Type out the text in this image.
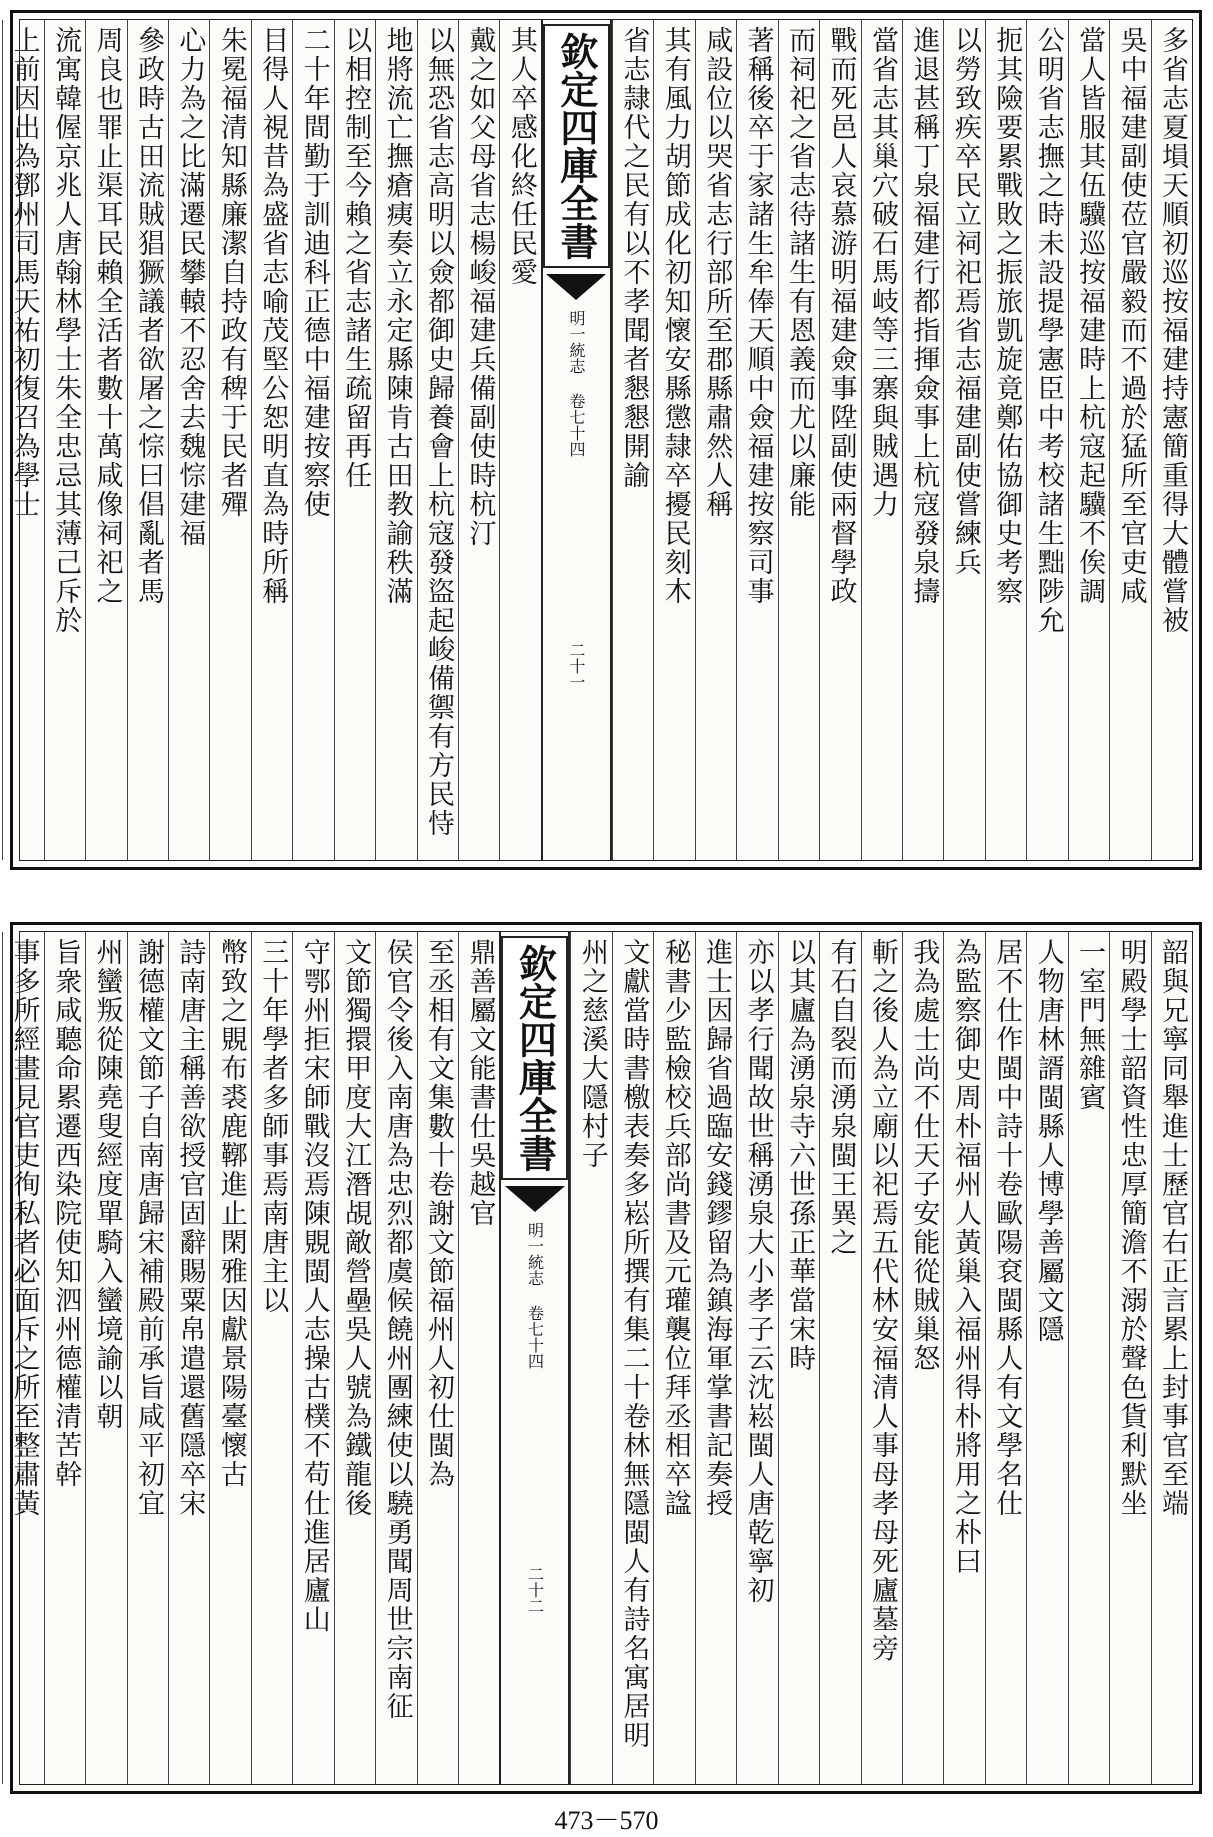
多省志夏塤天順初巡按福建持憲簡重得大體嘗被
吳中福建副使莅官嚴毅而不過於猛所至官吏咸
當人皆服其伍驥巡按福建時上杭寇起驥不俟調
公明省志撫之時未設提學憲臣中考校諸生黜陟允
扼其險要累戰敗之振旅凱旋竟鄭佑協御史考察
以勞致疾卒民立祠祀焉省志福建副使嘗練兵
進退甚稱丁泉福建行都指揮僉事上杭寇發泉擣
當省志其巢穴破石馬岐等三寨與賊遇力
戰而死邑人哀慕游明福建僉事陞副使兩督學政
而祠祀之省志待諸生有恩義而尤以廉能
著稱後卒于家諸生牟俸天順中僉福建按察司事
咸設位以哭省志行部所至郡縣肅然人稱
其有風力胡節成化初知懷安縣懲隷卒擾民刻木
省志隷代之民有以不孝聞者懇懇開諭
欽定四庫全書
明一統志 卷七十四
二十一
其人卒感化終任民愛
戴之如父母省志楊峻福建兵備副使時杭汀
以無恐省志高明以僉都御史歸養會上杭寇發盜起峻備禦有方民恃
地將流亡撫瘡痍奏立永定縣陳肯古田教諭秩滿
以相控制至今賴之省志諸生疏留再任
二十年間勤于訓迪科正德中福建按察使
目得人視昔為盛省志喻茂堅公恕明直為時所稱
朱冕福清知縣廉潔自持政有稗于民者殫
心力為之比滿遷民攀轅不忍舍去魏悰建福
參政時古田流賊猖獗議者欲屠之悰曰倡亂者馬
周良也罪止渠耳民賴全活者數十萬咸像祠祀之
流寓韓偓京兆人唐翰林學士朱全忠忌其薄己斥於
上前因出為鄧州司馬天祐初復召為學士
韶與兄寧同舉進士歷官右正言累上封事官至端
明殿學士韶資性忠厚簡澹不溺於聲色貨利默坐
一室門無雜賓
人物唐林諝閩縣人博學善屬文隱
居不仕作閩中詩十卷歐陽袞閩縣人有文學名仕
為監察御史周朴福州人黃巢入福州得朴將用之朴曰
我為處士尚不仕天子安能從賊巢怒
斬之後人為立廟以祀焉五代林安福清人事母孝母死廬墓旁
有石自裂而湧泉閩王異之
以其廬為湧泉寺六世孫正華當宋時
亦以孝行聞故世稱湧泉大小孝子云沈崧閩人唐乾寧初
進士因歸省過臨安錢鏐留為鎮海軍掌書記奏授
秘書少監檢校兵部尚書及元瓘襲位拜丞相卒諡
文獻當時書檄表奏多崧所撰有集二十卷林無隱閩人有詩名寓居明
州之慈溪大隱村子
欽定四庫全書
明一統志 卷七十四
二十二
鼎善屬文能書仕吳越官
至丞相有文集數十卷謝文節福州人初仕閩為
侯官令後入南唐為忠烈都虞候饒州團練使以驍勇聞周世宗南征
文節獨擐甲度大江潛覘敵營壘吳人號為鐵龍後
守鄂州拒宋師戰沒焉陳覞閩人志操古樸不苟仕進居廬山
三十年學者多師事焉南唐主以
幣致之覞布裘鹿鞹進止閑雅因獻景陽臺懷古
詩南唐主稱善欲授官固辭賜粟帛遣還舊隱卒宋
謝德權文節子自南唐歸宋補殿前承旨咸平初宜
州蠻叛從陳堯叟經度單騎入蠻境諭以朝
旨衆咸聽命累遷西染院使知泗州德權清苦幹
事多所經畫見官吏徇私者必面斥之所至整肅黃
473－570
